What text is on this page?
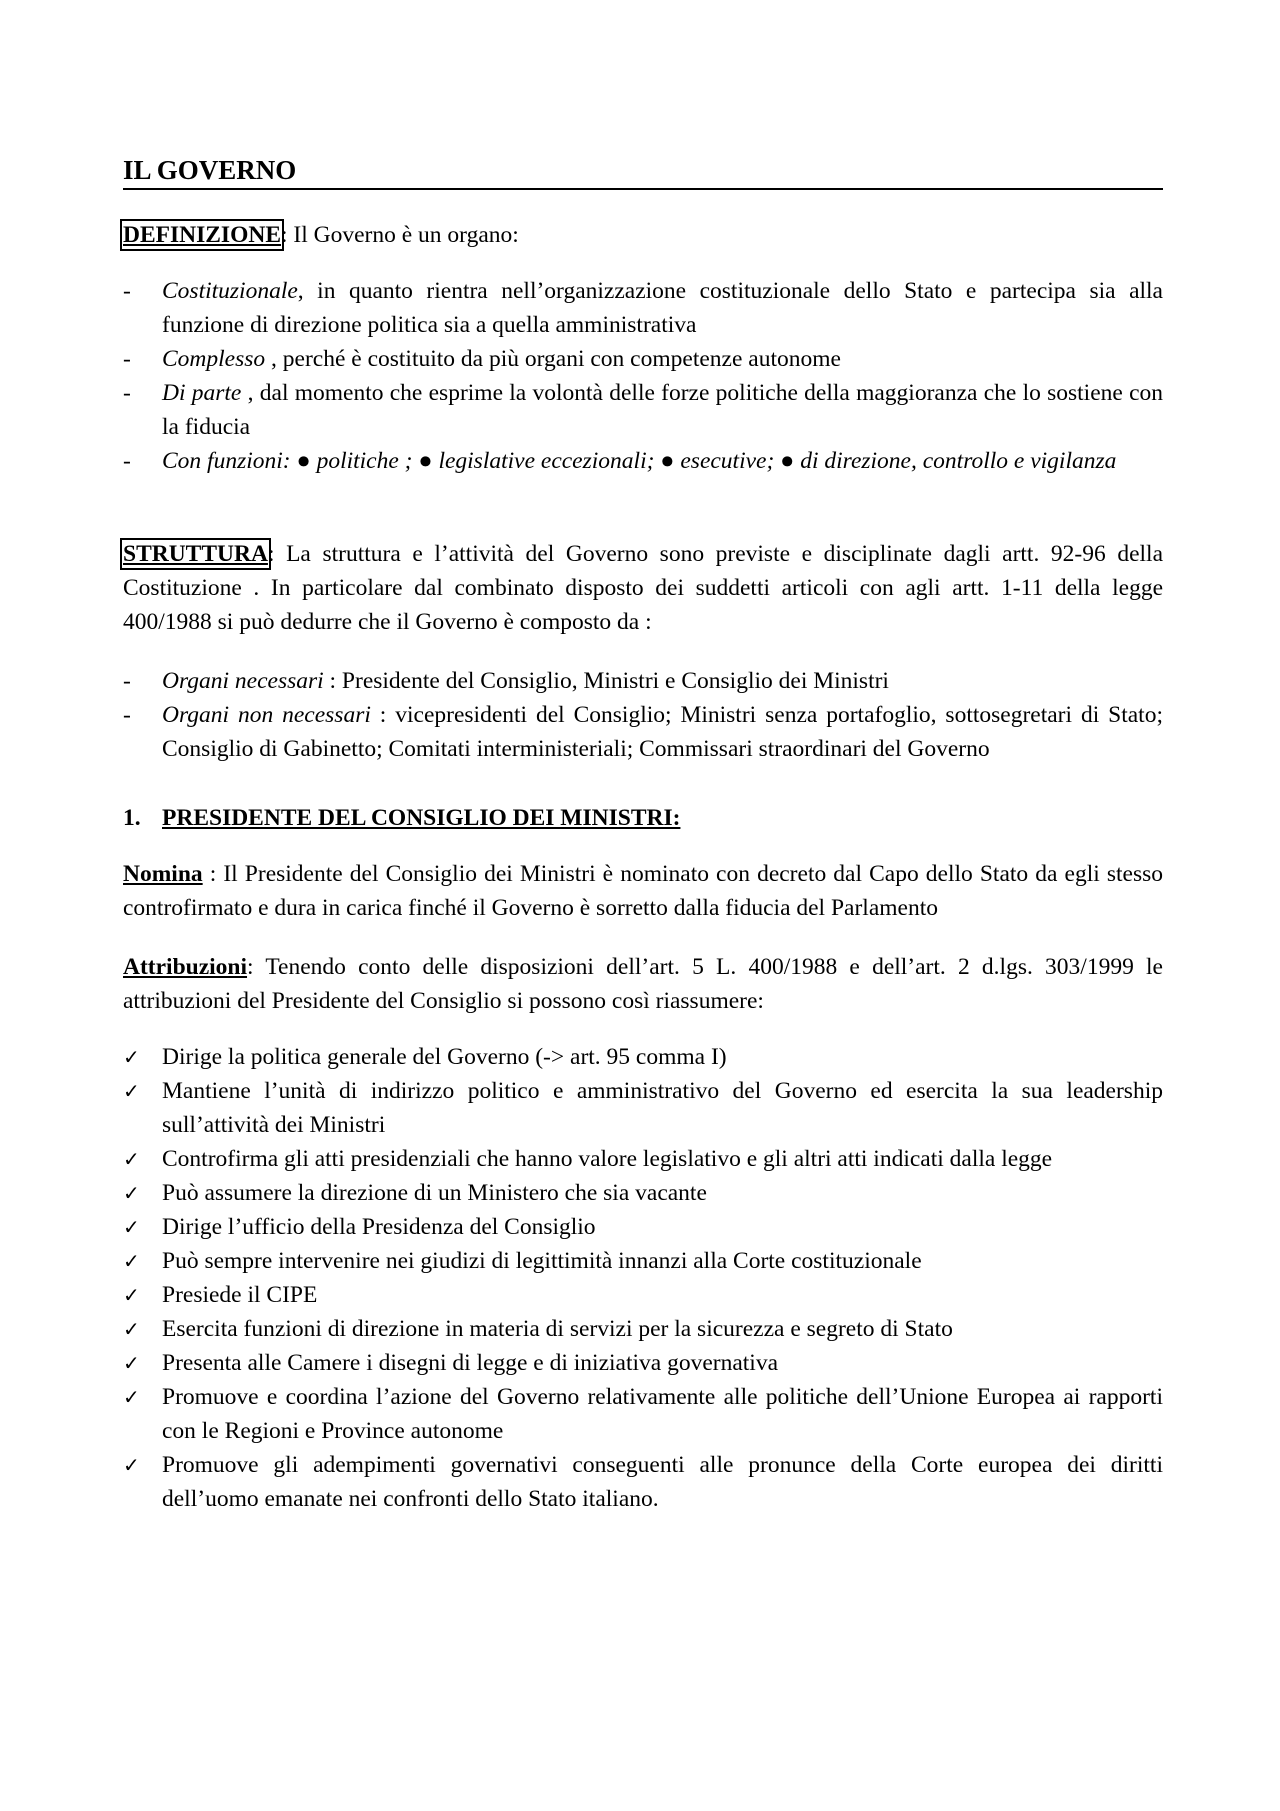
IL GOVERNO

DEFINIZIONE: Il Governo è un organo:

-	Costituzionale, in quanto rientra nell’organizzazione costituzionale dello Stato e partecipa sia alla funzione di direzione politica sia a quella amministrativa
-	Complesso , perché è costituito da più organi con competenze autonome
-	Di parte , dal momento che esprime la volontà delle forze politiche della maggioranza che lo sostiene con la fiducia
-	Con funzioni: ● politiche ; ● legislative eccezionali; ● esecutive; ● di direzione, controllo e vigilanza

STRUTTURA: La struttura e l’attività del Governo sono previste e disciplinate dagli artt. 92-96 della Costituzione . In particolare dal combinato disposto dei suddetti articoli con agli artt. 1-11 della legge 400/1988 si può dedurre che il Governo è composto da :

-	Organi necessari : Presidente del Consiglio, Ministri e Consiglio dei Ministri
-	Organi non necessari : vicepresidenti del Consiglio; Ministri senza portafoglio, sottosegretari di Stato; Consiglio di Gabinetto; Comitati interministeriali; Commissari straordinari del Governo
1. PRESIDENTE DEL CONSIGLIO DEI MINISTRI:

Nomina : Il Presidente del Consiglio dei Ministri è nominato con decreto dal Capo dello Stato da egli stesso controfirmato e dura in carica finché il Governo è sorretto dalla fiducia del Parlamento

Attribuzioni: Tenendo conto delle disposizioni dell’art. 5 L. 400/1988 e dell’art. 2 d.lgs. 303/1999 le attribuzioni del Presidente del Consiglio si possono così riassumere:

✓ Dirige la politica generale del Governo (-> art. 95 comma I)
✓ Mantiene l’unità di indirizzo politico e amministrativo del Governo ed esercita la sua leadership sull’attività dei Ministri
✓ Controfirma gli atti presidenziali che hanno valore legislativo e gli altri atti indicati dalla legge
✓ Può assumere la direzione di un Ministero che sia vacante
✓ Dirige l’ufficio della Presidenza del Consiglio
✓ Può sempre intervenire nei giudizi di legittimità innanzi alla Corte costituzionale
✓ Presiede il CIPE
✓ Esercita funzioni di direzione in materia di servizi per la sicurezza e segreto di Stato
✓ Presenta alle Camere i disegni di legge e di iniziativa governativa
✓ Promuove e coordina l’azione del Governo relativamente alle politiche dell’Unione Europea ai rapporti con le Regioni e Province autonome
✓ Promuove gli adempimenti governativi conseguenti alle pronunce della Corte europea dei diritti dell’uomo emanate nei confronti dello Stato italiano.
